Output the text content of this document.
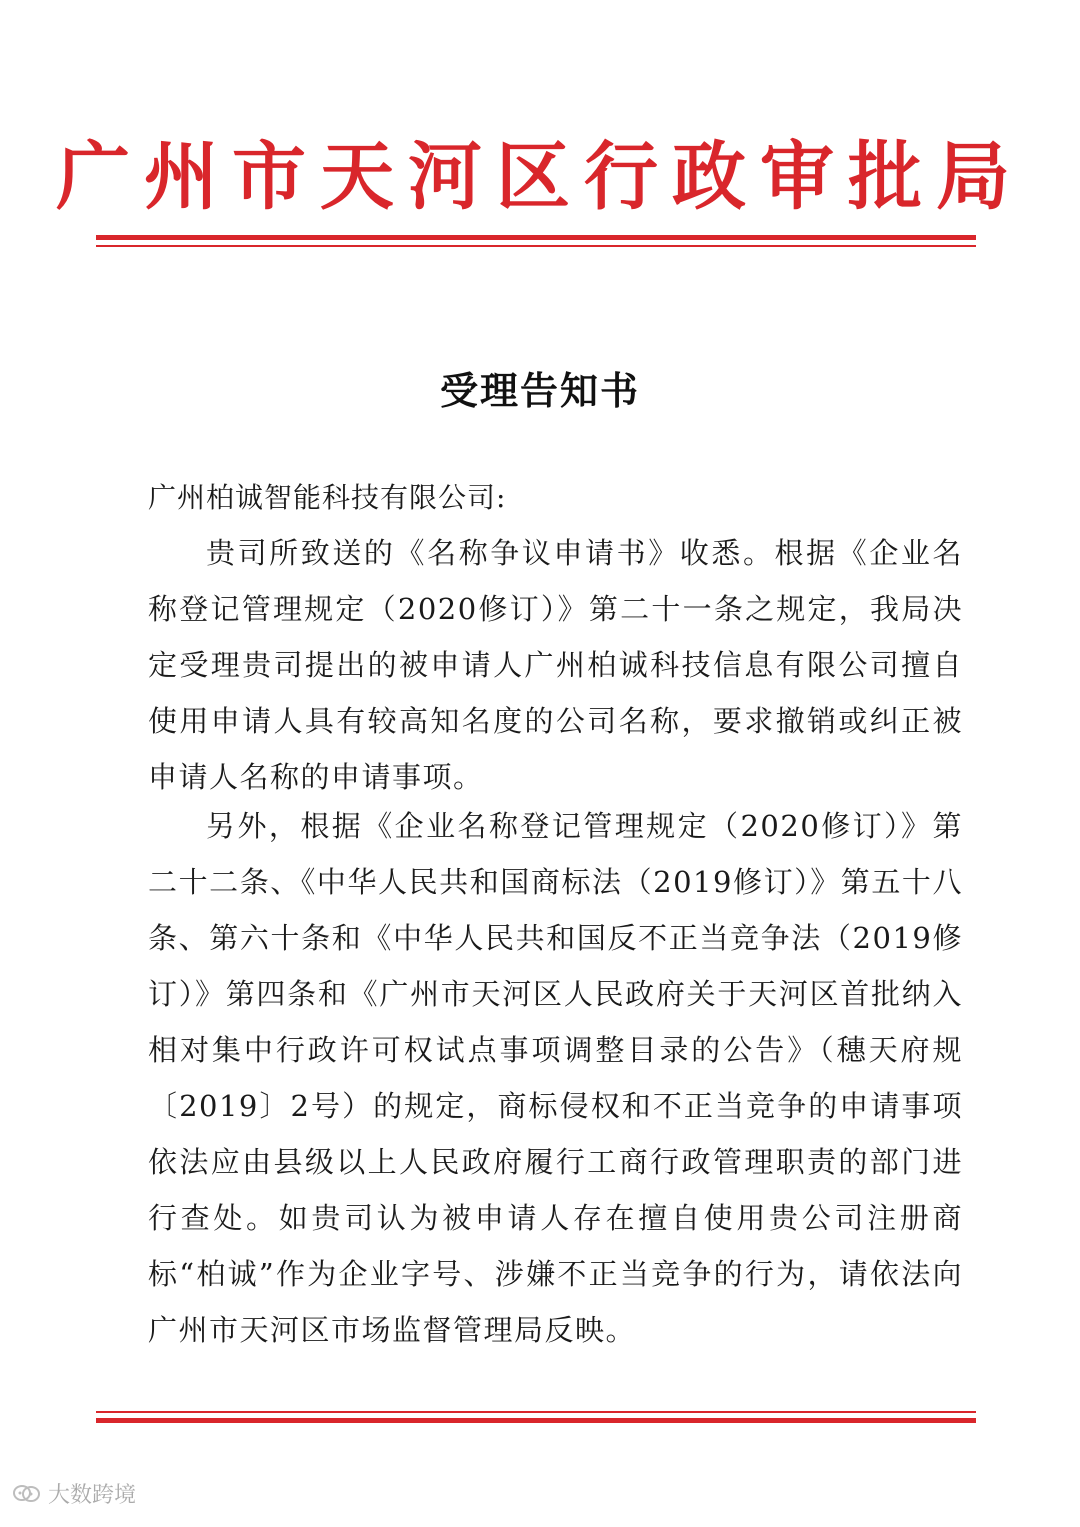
广州市天河区行政审批局
受理告知书
广州柏诚智能科技有限公司:

贵司所致送的《名称争议申请书》收悉。根据《企业名称登记管理规定（2020修订）》第二十一条之规定，我局决定受理贵司提出的被申请人广州柏诚科技信息有限公司擅自使用申请人具有较高知名度的公司名称，要求撤销或纠正被申请人名称的申请事项。

另外，根据《企业名称登记管理规定（2020修订）》第二十二条、《中华人民共和国商标法（2019修订）》第五十八条、第六十条和《中华人民共和国反不正当竞争法（2019修订）》第四条和《广州市天河区人民政府关于天河区首批纳入相对集中行政许可权试点事项调整目录的公告》（穗天府规〔2019〕2号）的规定，商标侵权和不正当竞争的申请事项依法应由县级以上人民政府履行工商行政管理职责的部门进行查处。如贵司认为被申请人存在擅自使用贵公司注册商标“柏诚”作为企业字号、涉嫌不正当竞争的行为，请依法向广州市天河区市场监督管理局反映。

大数跨境
